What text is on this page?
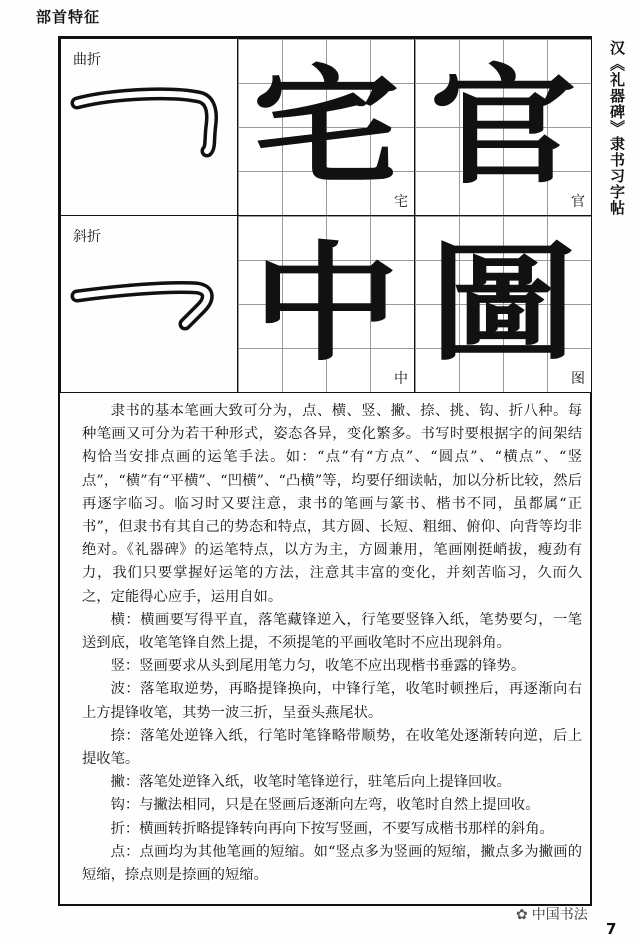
部首特征
汉《礼器碑》隶书习字帖
曲折 宅
宅 官
官
斜折 中
中 圖
图

隶书的基本笔画大致可分为，点、横、竖、撇、捺、挑、钩、折八种。每种笔画又可分为若干种形式，姿态各异，变化繁多。书写时要根据字的间架结构恰当安排点画的运笔手法。如：“点”有“方点”、“圆点”、“横点”、“竖点”，“横”有“平横”、“凹横”、“凸横”等，均要仔细读帖，加以分析比较，然后再逐字临习。临习时又要注意，隶书的笔画与篆书、楷书不同，虽都属“正书”，但隶书有其自己的势态和特点，其方圆、长短、粗细、俯仰、向背等均非绝对。《礼器碑》的运笔特点，以方为主，方圆兼用，笔画刚挺峭拔，瘦劲有力，我们只要掌握好运笔的方法，注意其丰富的变化，并刻苦临习，久而久之，定能得心应手，运用自如。

横：横画要写得平直，落笔藏锋逆入，行笔要竖锋入纸，笔势要匀，一笔送到底，收笔笔锋自然上提，不须提笔的平画收笔时不应出现斜角。

竖：竖画要求从头到尾用笔力匀，收笔不应出现楷书垂露的锋势。

波：落笔取逆势，再略提锋换向，中锋行笔，收笔时顿挫后，再逐渐向右上方提锋收笔，其势一波三折，呈蚕头燕尾状。

捺：落笔处逆锋入纸，行笔时笔锋略带顺势，在收笔处逐渐转向逆，后上提收笔。

撇：落笔处逆锋入纸，收笔时笔锋逆行，驻笔后向上提锋回收。

钩：与撇法相同，只是在竖画后逐渐向左弯，收笔时自然上提回收。

折：横画转折略提锋转向再向下按写竖画，不要写成楷书那样的斜角。

点：点画均为其他笔画的短缩。如“竖点多为竖画的短缩，撇点多为撇画的短缩，捺点则是捺画的短缩。

✿ 中国书法
7
